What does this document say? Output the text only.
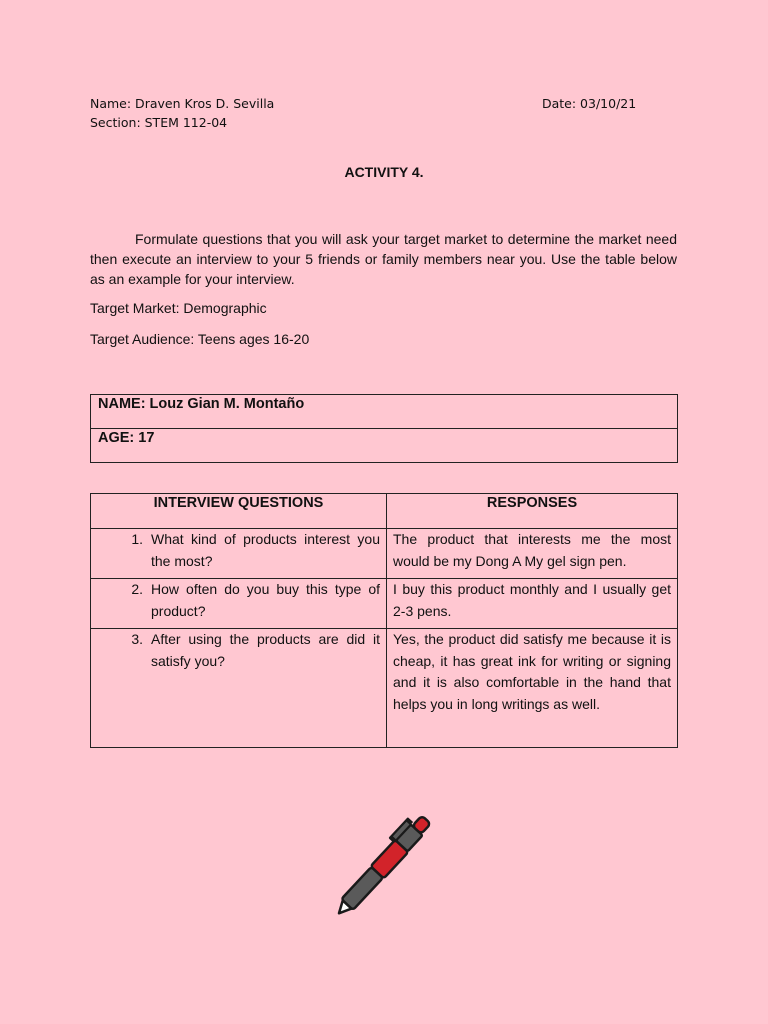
Name: Draven Kros D. Sevilla
Section: STEM 112-04
Date: 03/10/21
ACTIVITY 4.
Formulate questions that you will ask your target market to determine the market need then execute an interview to your 5 friends or family members near you. Use the table below as an example for your interview.
Target Market: Demographic
Target Audience: Teens ages 16-20
NAME: Louz Gian M. Montaño
AGE: 17
INTERVIEW QUESTIONS	RESPONSES

1. What kind of products interest you the most?	The product that interests me the most would be my Dong A My gel sign pen.

2. How often do you buy this type of product?	I buy this product monthly and I usually get 2-3 pens.

3. After using the products are did it satisfy you?	Yes, the product did satisfy me because it is cheap, it has great ink for writing or signing and it is also comfortable in the hand that helps you in long writings as well.
